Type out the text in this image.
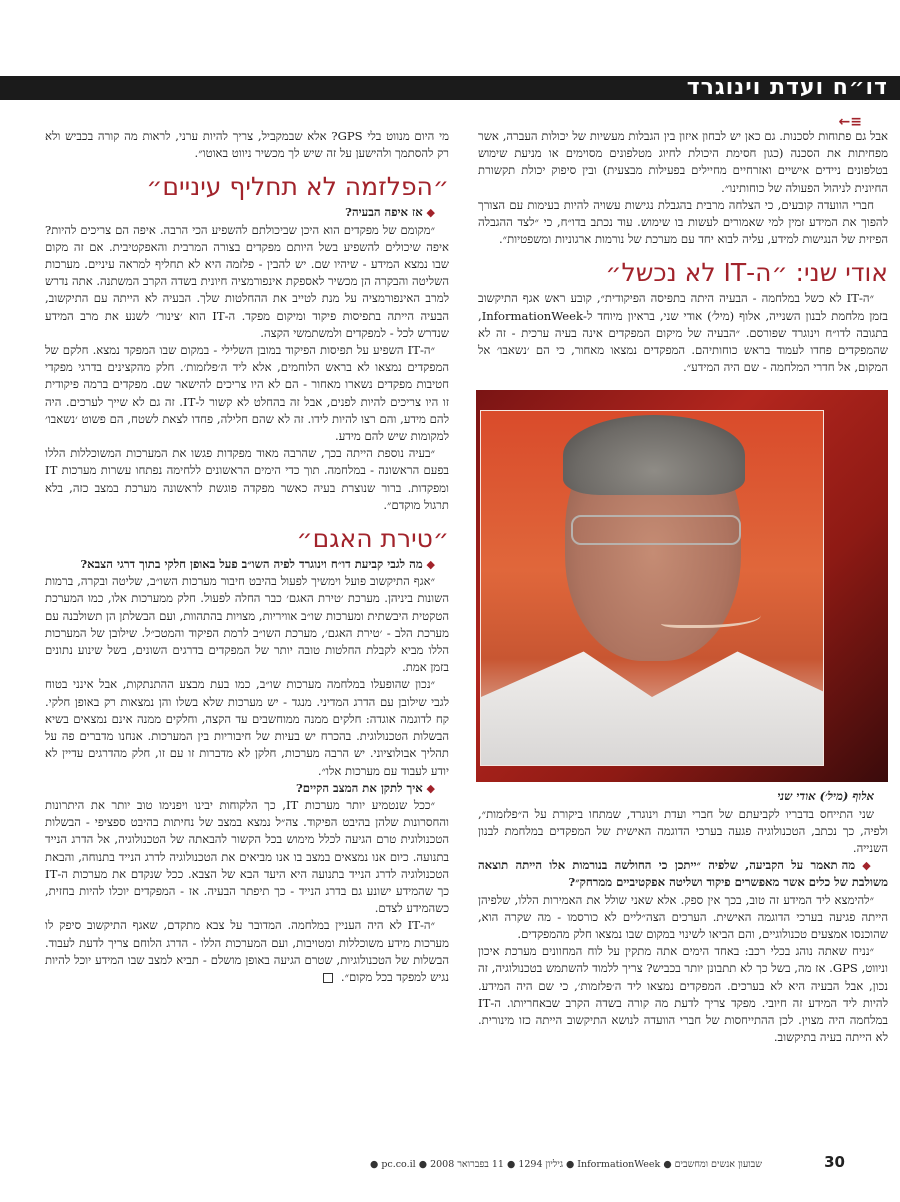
דו״ח ועדת וינוגרד
←≡

אבל גם פתוחות לסכנות. גם כאן יש לבחון איזון בין הגבלות מעשיות של יכולות העברה, אשר מפחיתות את הסכנה (כגון חסימת היכולת לחיוג מטלפונים מסוימים או מניעת שימוש בטלפונים ניידים אישיים ואזרחיים מחיילים בפעילות מבצעית) ובין סיפוק יכולת תקשורת החיונית לניהול הפעולה של כוחותינו״.

חברי הוועדה קובעים, כי הצלחה מרבית בהגבלת נגישות עשויה להיות בעימות עם הצורך להפוך את המידע זמין למי שאמורים לעשות בו שימוש. עוד נכתב בדו״ח, כי ״לצד ההגבלה הפיזית של הנגישות למידע, עליה לבוא יחד עם מערכת של נורמות ארגוניות ומשפטיות״.

אודי שני: ״ה-IT לא נכשל״

״ה-IT לא כשל במלחמה - הבעיה היתה בתפיסה הפיקודית״, קובע ראש אגף התיקשוב בזמן מלחמת לבנון השנייה, אלוף (מיל׳) אודי שני, בראיון מיוחד ל-InformationWeek, בתגובה לדו״ח וינוגרד שפורסם. ״הבעיה של מיקום המפקדים אינה בעיה ערכית - זה לא שהמפקדים פחדו לעמוד בראש כוחותיהם. המפקדים נמצאו מאחור, כי הם ׳נשאבו׳ אל המקום, אל חדרי המלחמה - שם היה המידע״.

אלוף (מיל׳) אודי שני

שני התייחס בדבריו לקביעתם של חברי ועדת וינוגרד, שמתחו ביקורת על ה״פלזמות״, ולפיה, כך נכתב, הטכנולוגיה פגעה בערכי הדוגמה האישית של המפקדים במלחמת לבנון השנייה.

◆ מה תאמר על הקביעה, שלפיה ״ייתכן כי החולשה בנורמות אלו הייתה תוצאה משולבת של כלים אשר מאפשרים פיקוד ושליטה אפקטיביים ממרחק״?

״להימצא ליד המידע זה טוב, בכך אין ספק. אלא שאני שולל את האמירות הללו, שלפיהן הייתה פגיעה בערכי הדוגמה האישית. הערכים הצה״ליים לא כורסמו - מה שקרה הוא, שהוכנסו אמצעים טכנולוגיים, והם הביאו לשינוי במקום שבו נמצאו חלק מהמפקדים.

״נניח שאתה נוהג בכלי רכב: באחד הימים אתה מתקין על לוח המחוונים מערכת איכון וניווט, GPS. אז מה, בשל כך לא תתבונן יותר בכביש? צריך ללמוד להשתמש בטכנולוגיה, זה נכון, אבל הבעיה היא לא בערכים. המפקדים נמצאו ליד ה׳פלזמות׳, כי שם היה המידע. להיות ליד המידע זה חיובי. מפקד צריך לדעת מה קורה בשדה הקרב שבאחריותו. ה-IT במלחמה היה מצוין. לכן ההתייחסות של חברי הוועדה לנושא התיקשוב הייתה כזו מינורית. לא הייתה בעיה בתיקשוב.

מי היום מנווט בלי GPS? אלא שבמקביל, צריך להיות ערני, לראות מה קורה בכביש ולא רק להסתמך ולהישען על זה שיש לך מכשיר ניווט באוטו״.

״הפלזמה לא תחליף עיניים״

◆ אז איפה הבעיה?

״מקומם של מפקדים הוא היכן שביכולתם להשפיע הכי הרבה. איפה הם צריכים להיות? איפה שיכולים להשפיע בשל היותם מפקדים בצורה המרבית והאפקטיבית. אם זה מקום שבו נמצא המידע - שיהיו שם. יש להבין - פלזמה היא לא תחליף למראה עיניים. מערכות השליטה והבקרה הן מכשיר לאספקת אינפורמציה חיונית בשדה הקרב המשתנה. אתה נדרש למרב האינפורמציה על מנת לטייב את ההחלטות שלך. הבעיה לא הייתה עם התיקשוב, הבעיה הייתה בתפיסות פיקוד ומיקום מפקד. ה-IT הוא ׳צינור׳ לשנע את מרב המידע שנדרש לכל - למפקדים ולמשתמשי הקצה.

״ה-IT השפיע על תפיסות הפיקוד במובן השלילי - במקום שבו המפקד נמצא. חלקם של המפקדים נמצאו לא בראש הלוחמים, אלא ליד ה׳פלזמות׳. חלק מהקצינים בדרגי מפקדי חטיבות מפקדים נשארו מאחור - הם לא היו צריכים להישאר שם. מפקדים ברמה פיקודית זו היו צריכים להיות לפנים, אבל זה בהחלט לא קשור ל-IT. זה גם לא שייך לערכים. היה להם מידע, והם רצו להיות לידו. זה לא שהם חלילה, פחדו לצאת לשטח, הם פשוט ׳נשאבו׳ למקומות שיש להם מידע.

״בעיה נוספת הייתה בכך, שהרבה מאוד מפקדות פגשו את המערכות המשוכללות הללו בפעם הראשונה - במלחמה. תוך כדי הימים הראשונים ללחימה נפתחו עשרות מערכות IT ומפקדות. ברור שנוצרת בעיה כאשר מפקדה פוגשת לראשונה מערכת במצב כזה, בלא תרגול מוקדם״.

״טירת האגם״

◆ מה לגבי קביעת דו״ח וינוגרד לפיה השו״ב פעל באופן חלקי בתוך דרגי הצבא?

״אגף התיקשוב פועל וימשיך לפעול בהיבט חיבור מערכות השו״ב, שליטה ובקרה, ברמות השונות ביניהן. מערכת ׳טירת האגם׳ כבר החלה לפעול. חלק ממערכות אלו, כמו המערכת הטקטית היבשתית ומערכות שו״ב אוויריות, מצויות בהתהוות, ועם הבשלתן הן תשולבנה עם מערכת הלב - ׳טירת האגם׳, מערכת השו״ב לרמת הפיקוד והמטכ״ל. שילובן של המערכות הללו מביא לקבלת החלטות טובה יותר של המפקדים בדרגים השונים, בשל שינוע נתונים בזמן אמת.

״נכון שהופעלו במלחמה מערכות שו״ב, כמו בעת מבצע ההתנתקות, אבל אינני בטוח לגבי שילובן עם הדרג המדיני. מנגד - יש מערכות שלא בשלו והן נמצאות רק באופן חלקי. קח לדוגמה אוגדה: חלקים ממנה ממוחשבים עד הקצה, וחלקים ממנה אינם נמצאים בשיא הבשלות הטכנולוגית. בהכרח יש בעיות של חיבוריות בין המערכות. אנחנו מדברים פה על תהליך אבולוציוני. יש הרבה מערכות, חלקן לא מדברות זו עם זו, חלק מהדרגים עדיין לא יודע לעבוד עם מערכות אלו״.

◆ איך לתקן את המצב הקיים?

״ככל שנטמיע יותר מערכות IT, כך הלקוחות יבינו ויפנימו טוב יותר את היתרונות והחסרונות שלהן בהיבט הפיקוד. צה״ל נמצא במצב של נחיתות בהיבט ספציפי - הבשלות הטכנולוגית טרם הגיעה לכלל מימוש בכל הקשור להבאתה של הטכנולוגיה, אל הדרג הנייד בתנועה. כיום אנו נמצאים במצב בו אנו מביאים את הטכנולוגיה לדרג הנייד בתנוחה, והבאת הטכנולוגיה לדרג הנייד בתנועה היא היעד הבא של הצבא. ככל שנקדם את מערכות ה-IT כך שהמידע ישונע גם בדרג הנייד - כך תיפתר הבעיה. אז - המפקדים יוכלו להיות בחזית, כשהמידע לצדם.

״ה-IT לא היה העניין במלחמה. המדובר על צבא מתקדם, שאגף התיקשוב סיפק לו מערכות מידע משוכללות ומטויבות, ועם המערכות הללו - הדרג הלוחם צריך לדעת לעבוד. הבשלות של הטכנולוגיות, שטרם הגיעה באופן מושלם - תביא למצב שבו המידע יוכל להיות נגיש למפקד בכל מקום״.

30
שבועון אנשים ומחשבים ● InformationWeek ● גיליון 1294 ● 11 בפברואר 2008 ● pc.co.il ●
